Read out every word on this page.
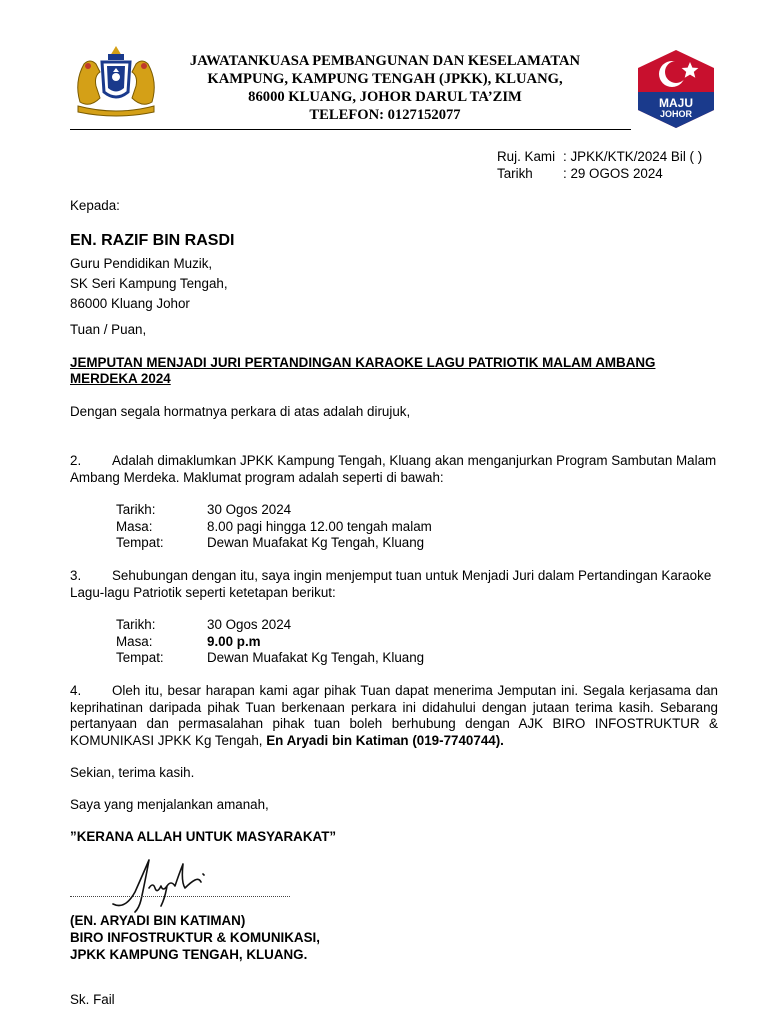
JAWATANKUASA PEMBANGUNAN DAN KESELAMATAN
KAMPUNG, KAMPUNG TENGAH (JPKK), KLUANG,
86000 KLUANG, JOHOR DARUL TA’ZIM
TELEFON: 0127152077
MAJU
JOHOR
Ruj. Kami : JPKK/KTK/2024 Bil ( )
Tarikh	: 29 OGOS 2024
Kepada:
EN. RAZIF BIN RASDI
Guru Pendidikan Muzik,
SK Seri Kampung Tengah,
86000 Kluang Johor
Tuan / Puan,
JEMPUTAN MENJADI JURI PERTANDINGAN KARAOKE LAGU PATRIOTIK MALAM AMBANG MERDEKA 2024
Dengan segala hormatnya perkara di atas adalah dirujuk,
2. Adalah dimaklumkan JPKK Kampung Tengah, Kluang akan menganjurkan Program Sambutan Malam Ambang Merdeka. Maklumat program adalah seperti di bawah:
Tarikh:	30 Ogos 2024
Masa:	8.00 pagi hingga 12.00 tengah malam
Tempat:	Dewan Muafakat Kg Tengah, Kluang
3. Sehubungan dengan itu, saya ingin menjemput tuan untuk Menjadi Juri dalam Pertandingan Karaoke Lagu-lagu Patriotik seperti ketetapan berikut:
Tarikh:	30 Ogos 2024
Masa:	9.00 p.m
Tempat:	Dewan Muafakat Kg Tengah, Kluang
4. Oleh itu, besar harapan kami agar pihak Tuan dapat menerima Jemputan ini. Segala kerjasama dan keprihatinan daripada pihak Tuan berkenaan perkara ini didahului dengan jutaan terima kasih. Sebarang pertanyaan dan permasalahan pihak tuan boleh berhubung dengan AJK BIRO INFOSTRUKTUR & KOMUNIKASI JPKK Kg Tengah, En Aryadi bin Katiman (019-7740744).
Sekian, terima kasih.
Saya yang menjalankan amanah,
”KERANA ALLAH UNTUK MASYARAKAT”
(EN. ARYADI BIN KATIMAN)
BIRO INFOSTRUKTUR & KOMUNIKASI,
JPKK KAMPUNG TENGAH, KLUANG.
Sk. Fail
